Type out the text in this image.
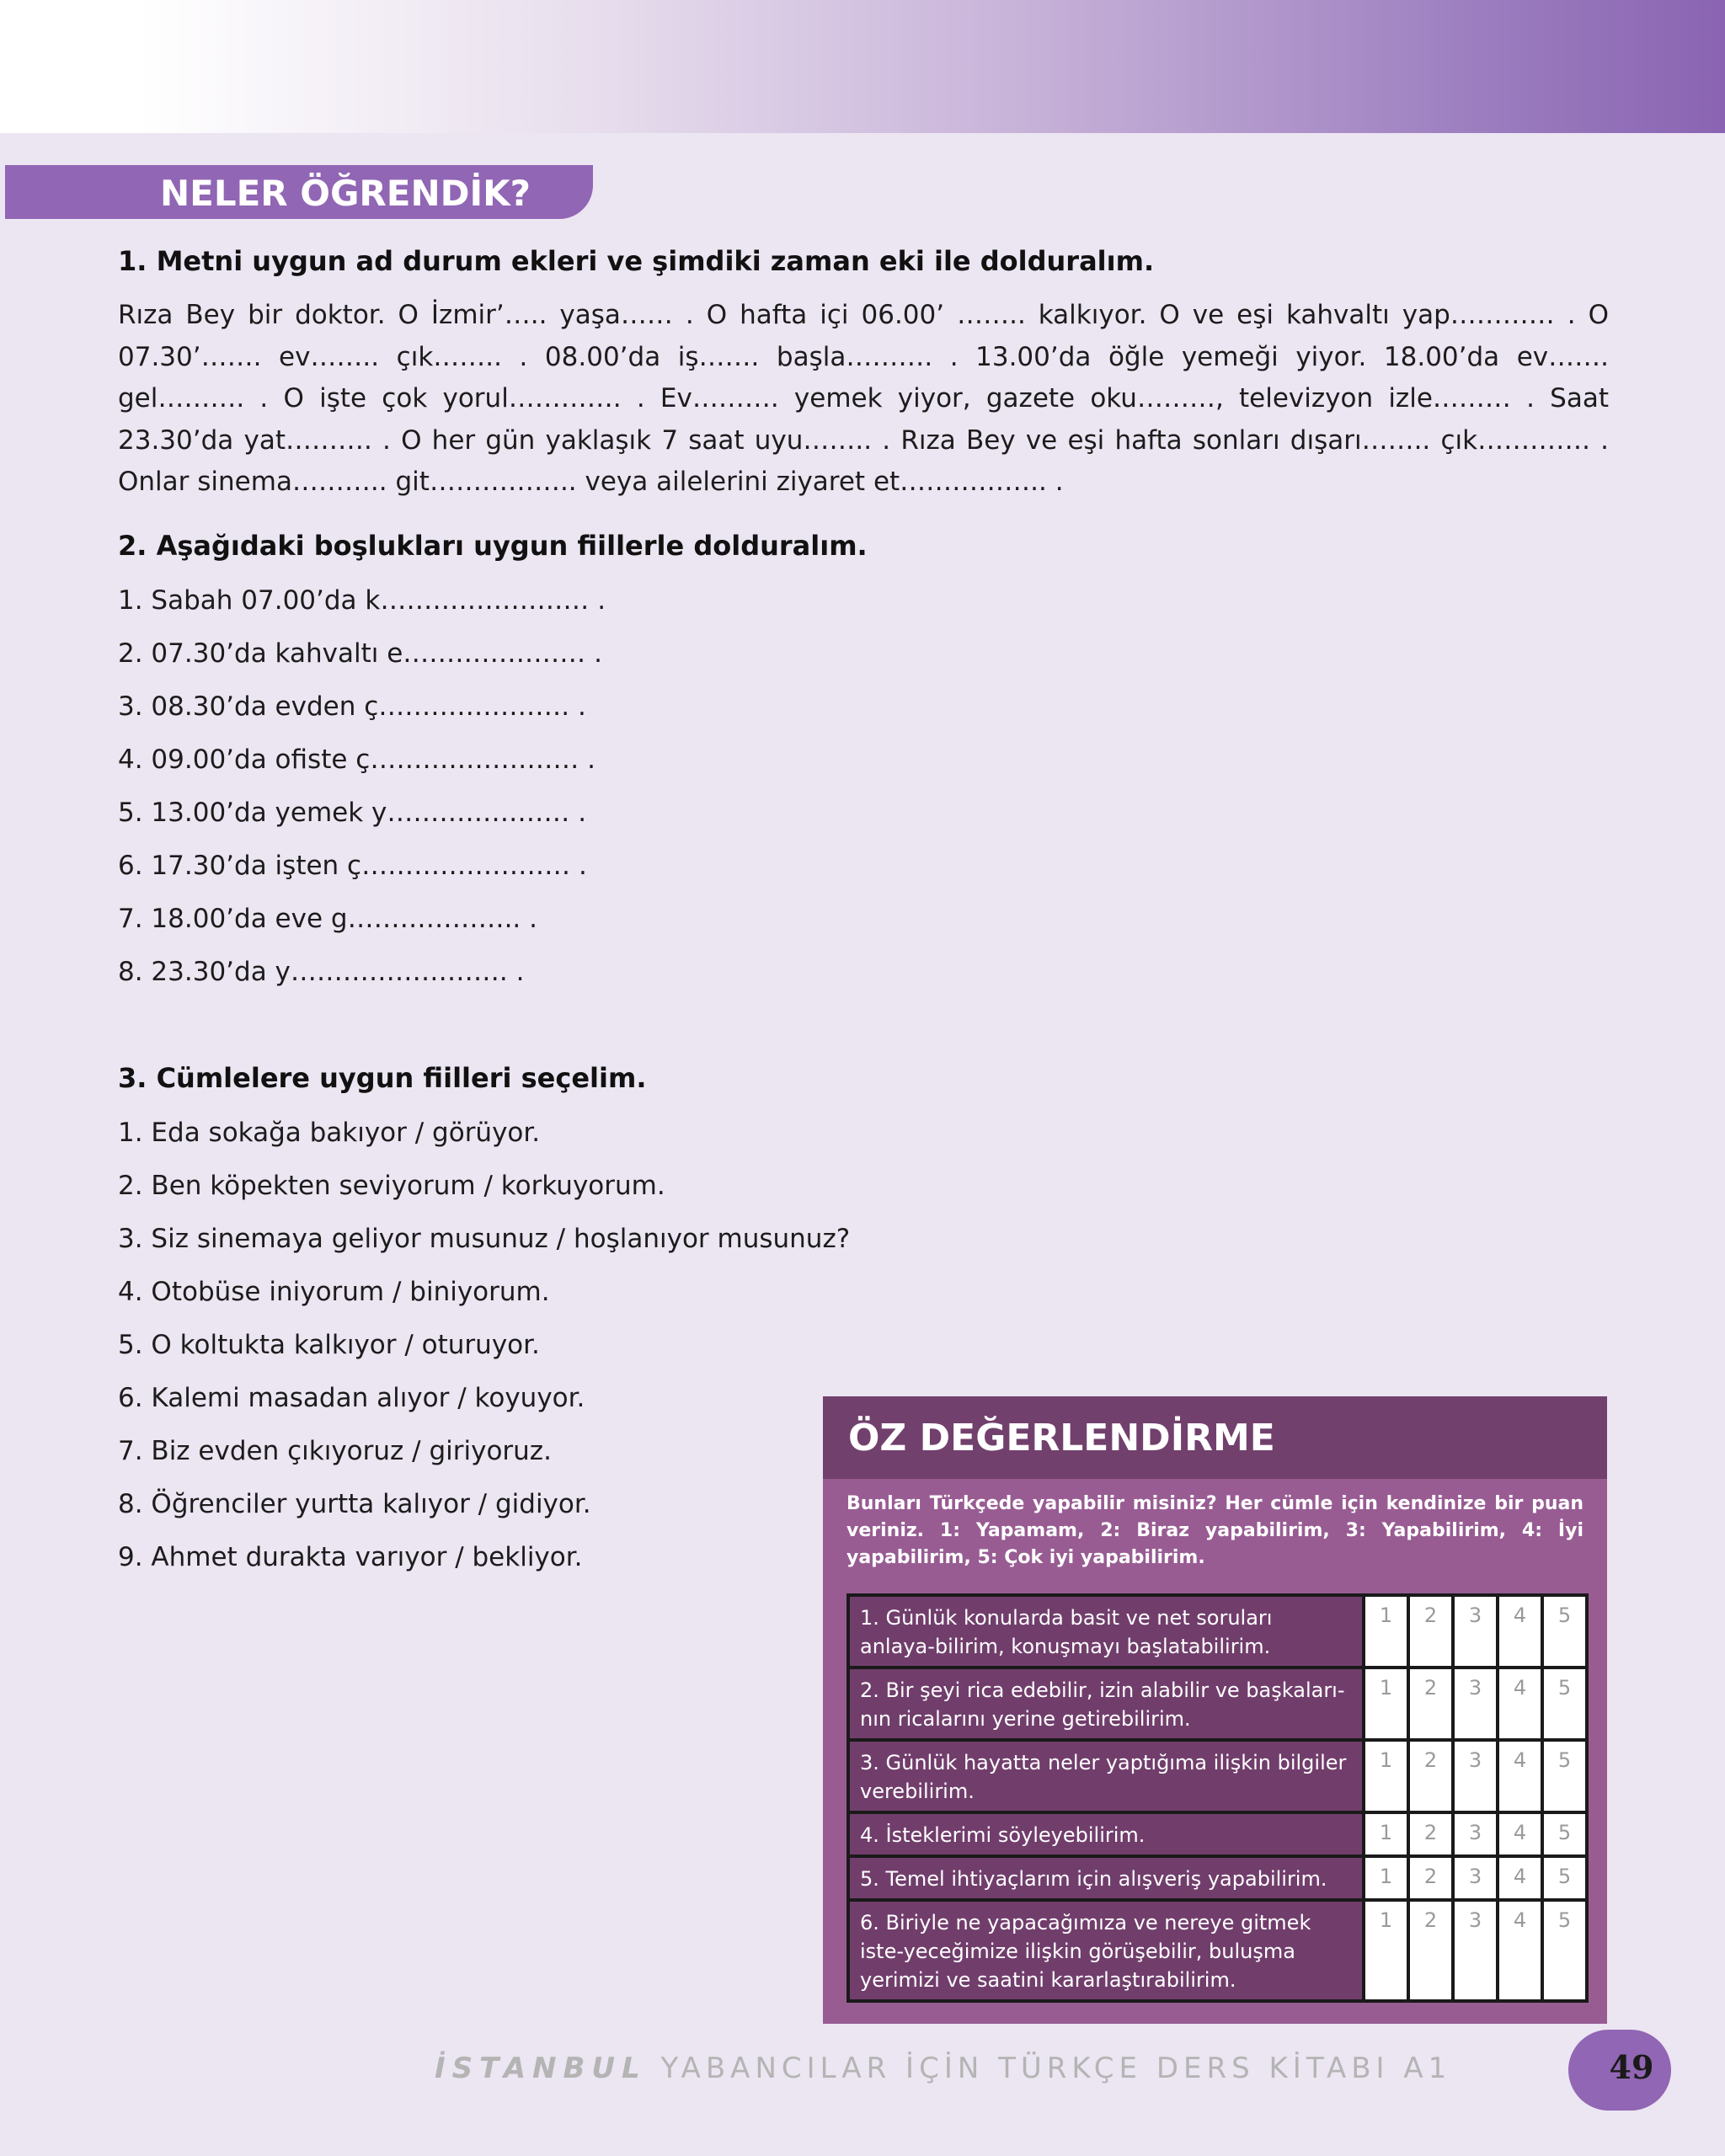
NELER ÖĞRENDİK?

1. Metni uygun ad durum ekleri ve şimdiki zaman eki ile dolduralım.

Rıza Bey bir doktor. O İzmir’….. yaşa…… . O hafta içi 06.00’ …….. kalkıyor. O ve eşi kahvaltı yap………… . O 07.30’……. ev…….. çık…….. . 08.00’da iş……. başla………. . 13.00’da öğle yemeği yiyor. 18.00’da ev……. gel………. . O işte çok yorul…………. . Ev………. yemek yiyor, gazete oku………, televizyon izle……… . Saat 23.30’da yat………. . O her gün yaklaşık 7 saat uyu…….. . Rıza Bey ve eşi hafta sonları dışarı…….. çık…………. . Onlar sinema……….. git…………….. veya ailelerini ziyaret et…………….. .

2. Aşağıdaki boşlukları uygun fiillerle dolduralım.

1. Sabah 07.00’da k…………………… .
2. 07.30’da kahvaltı e………………… .
3. 08.30’da evden ç…………………. .
4. 09.00’da ofiste ç…………………… .
5. 13.00’da yemek y………………… .
6. 17.30’da işten ç…………………… .
7. 18.00’da eve g……………….. .
8. 23.30’da y……………………. .

3. Cümlelere uygun fiilleri seçelim.

1. Eda sokağa bakıyor / görüyor.
2. Ben köpekten seviyorum / korkuyorum.
3. Siz sinemaya geliyor musunuz / hoşlanıyor musunuz?
4. Otobüse iniyorum / biniyorum.
5. O koltukta kalkıyor / oturuyor.
6. Kalemi masadan alıyor / koyuyor.
7. Biz evden çıkıyoruz / giriyoruz.
8. Öğrenciler yurtta kalıyor / gidiyor.
9. Ahmet durakta varıyor / bekliyor.
ÖZ DEĞERLENDİRME
Bunları Türkçede yapabilir misiniz? Her cümle için kendinize bir puan veriniz. 1: Yapamam, 2: Biraz yapabilirim, 3: Yapabilirim, 4: İyi yapabilirim, 5: Çok iyi yapabilirim.
1. Günlük konularda basit ve net soruları anlaya-bilirim, konuşmayı başlatabilirim.	1	2	3	4	5
2. Bir şeyi rica edebilir, izin alabilir ve başkaları-nın ricalarını yerine getirebilirim.	1	2	3	4	5
3. Günlük hayatta neler yaptığıma ilişkin bilgiler verebilirim.	1	2	3	4	5
4. İsteklerimi söyleyebilirim.	1	2	3	4	5
5. Temel ihtiyaçlarım için alışveriş yapabilirim.	1	2	3	4	5
6. Biriyle ne yapacağımıza ve nereye gitmek iste-yeceğimize ilişkin görüşebilir, buluşma yerimizi ve saatini kararlaştırabilirim.	1	2	3	4	5
İSTANBUL YABANCILAR İÇİN TÜRKÇE DERS KİTABI A1	49
